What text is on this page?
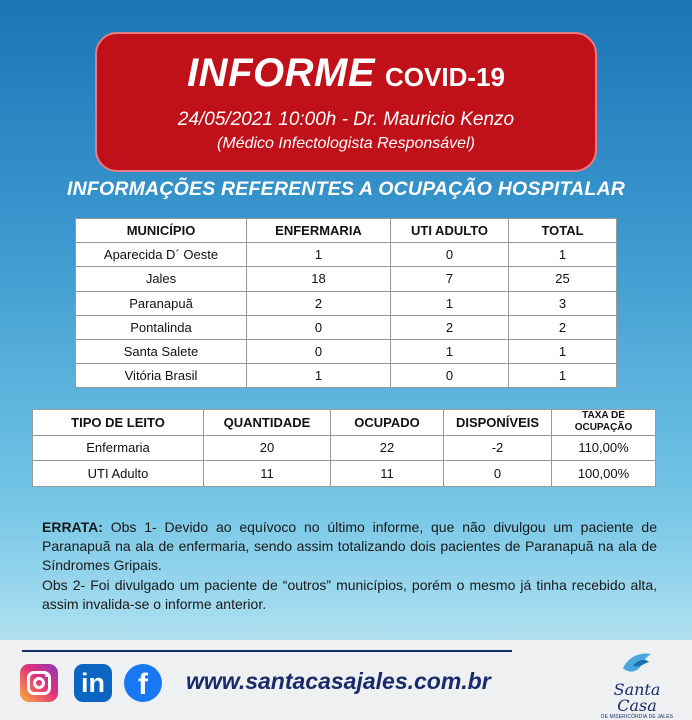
INFORME COVID-19
24/05/2021 10:00h - Dr. Mauricio Kenzo
(Médico Infectologista Responsável)
INFORMAÇÕES REFERENTES A OCUPAÇÃO HOSPITALAR
MUNICÍPIO	ENFERMARIA	UTI ADULTO	TOTAL
Aparecida D´ Oeste	1	0	1
Jales	18	7	25
Paranapuã	2	1	3
Pontalinda	0	2	2
Santa Salete	0	1	1
Vitória Brasil	1	0	1
TIPO DE LEITO	QUANTIDADE	OCUPADO	DISPONÍVEIS	TAXA DE OCUPAÇÃO
Enfermaria	20	22	-2	110,00%
UTI Adulto	11	11	0	100,00%

ERRATA: Obs 1- Devido ao equívoco no último informe, que não divulgou um paciente de Paranapuã na ala de enfermaria, sendo assim totalizando dois pacientes de Paranapuã na ala de Síndromes Gripais.

Obs 2- Foi divulgado um paciente de “outros” municípios, porém o mesmo já tinha recebido alta, assim invalida-se o informe anterior.

in	f	www.santacasajales.com.br	Santa Casa
DE MISERICÓRDIA DE JALES
